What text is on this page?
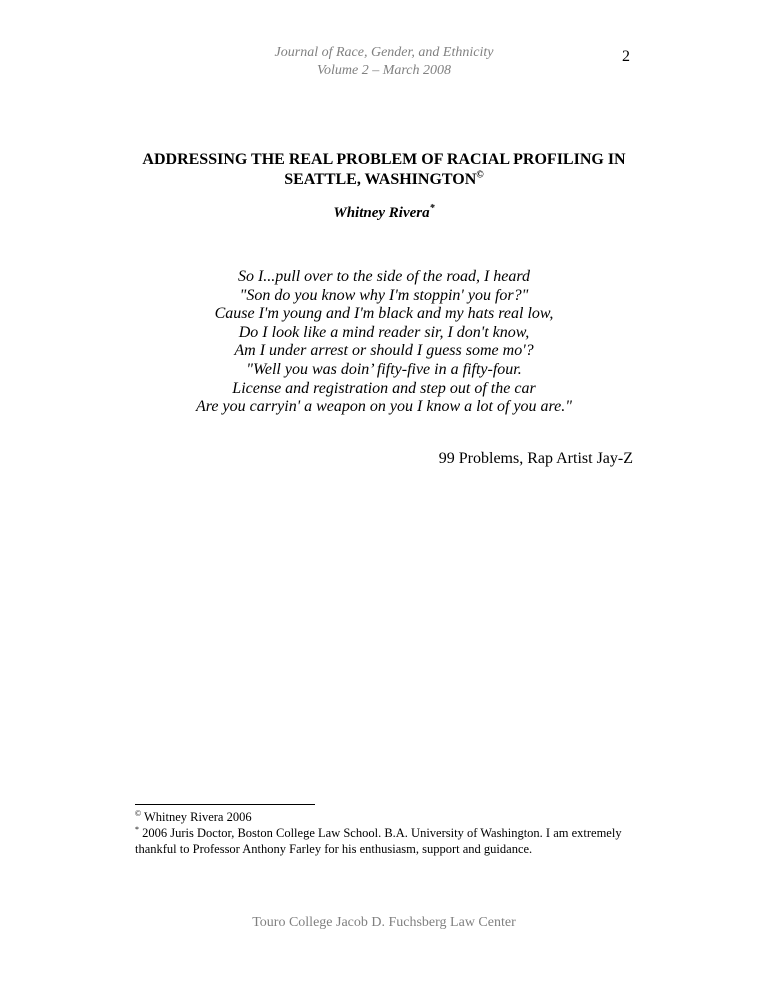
Journal of Race, Gender, and Ethnicity
Volume 2 – March 2008
2
ADDRESSING THE REAL PROBLEM OF RACIAL PROFILING IN
SEATTLE, WASHINGTON©
Whitney Rivera*
So I...pull over to the side of the road, I heard
"Son do you know why I'm stoppin' you for?"
Cause I'm young and I'm black and my hats real low,
Do I look like a mind reader sir, I don't know,
Am I under arrest or should I guess some mo'?
"Well you was doin’ fifty-five in a fifty-four.
License and registration and step out of the car
Are you carryin' a weapon on you I know a lot of you are."
99 Problems, Rap Artist Jay-Z
© Whitney Rivera 2006
* 2006 Juris Doctor, Boston College Law School. B.A. University of Washington. I am extremely thankful to Professor Anthony Farley for his enthusiasm, support and guidance.
Touro College Jacob D. Fuchsberg Law Center
